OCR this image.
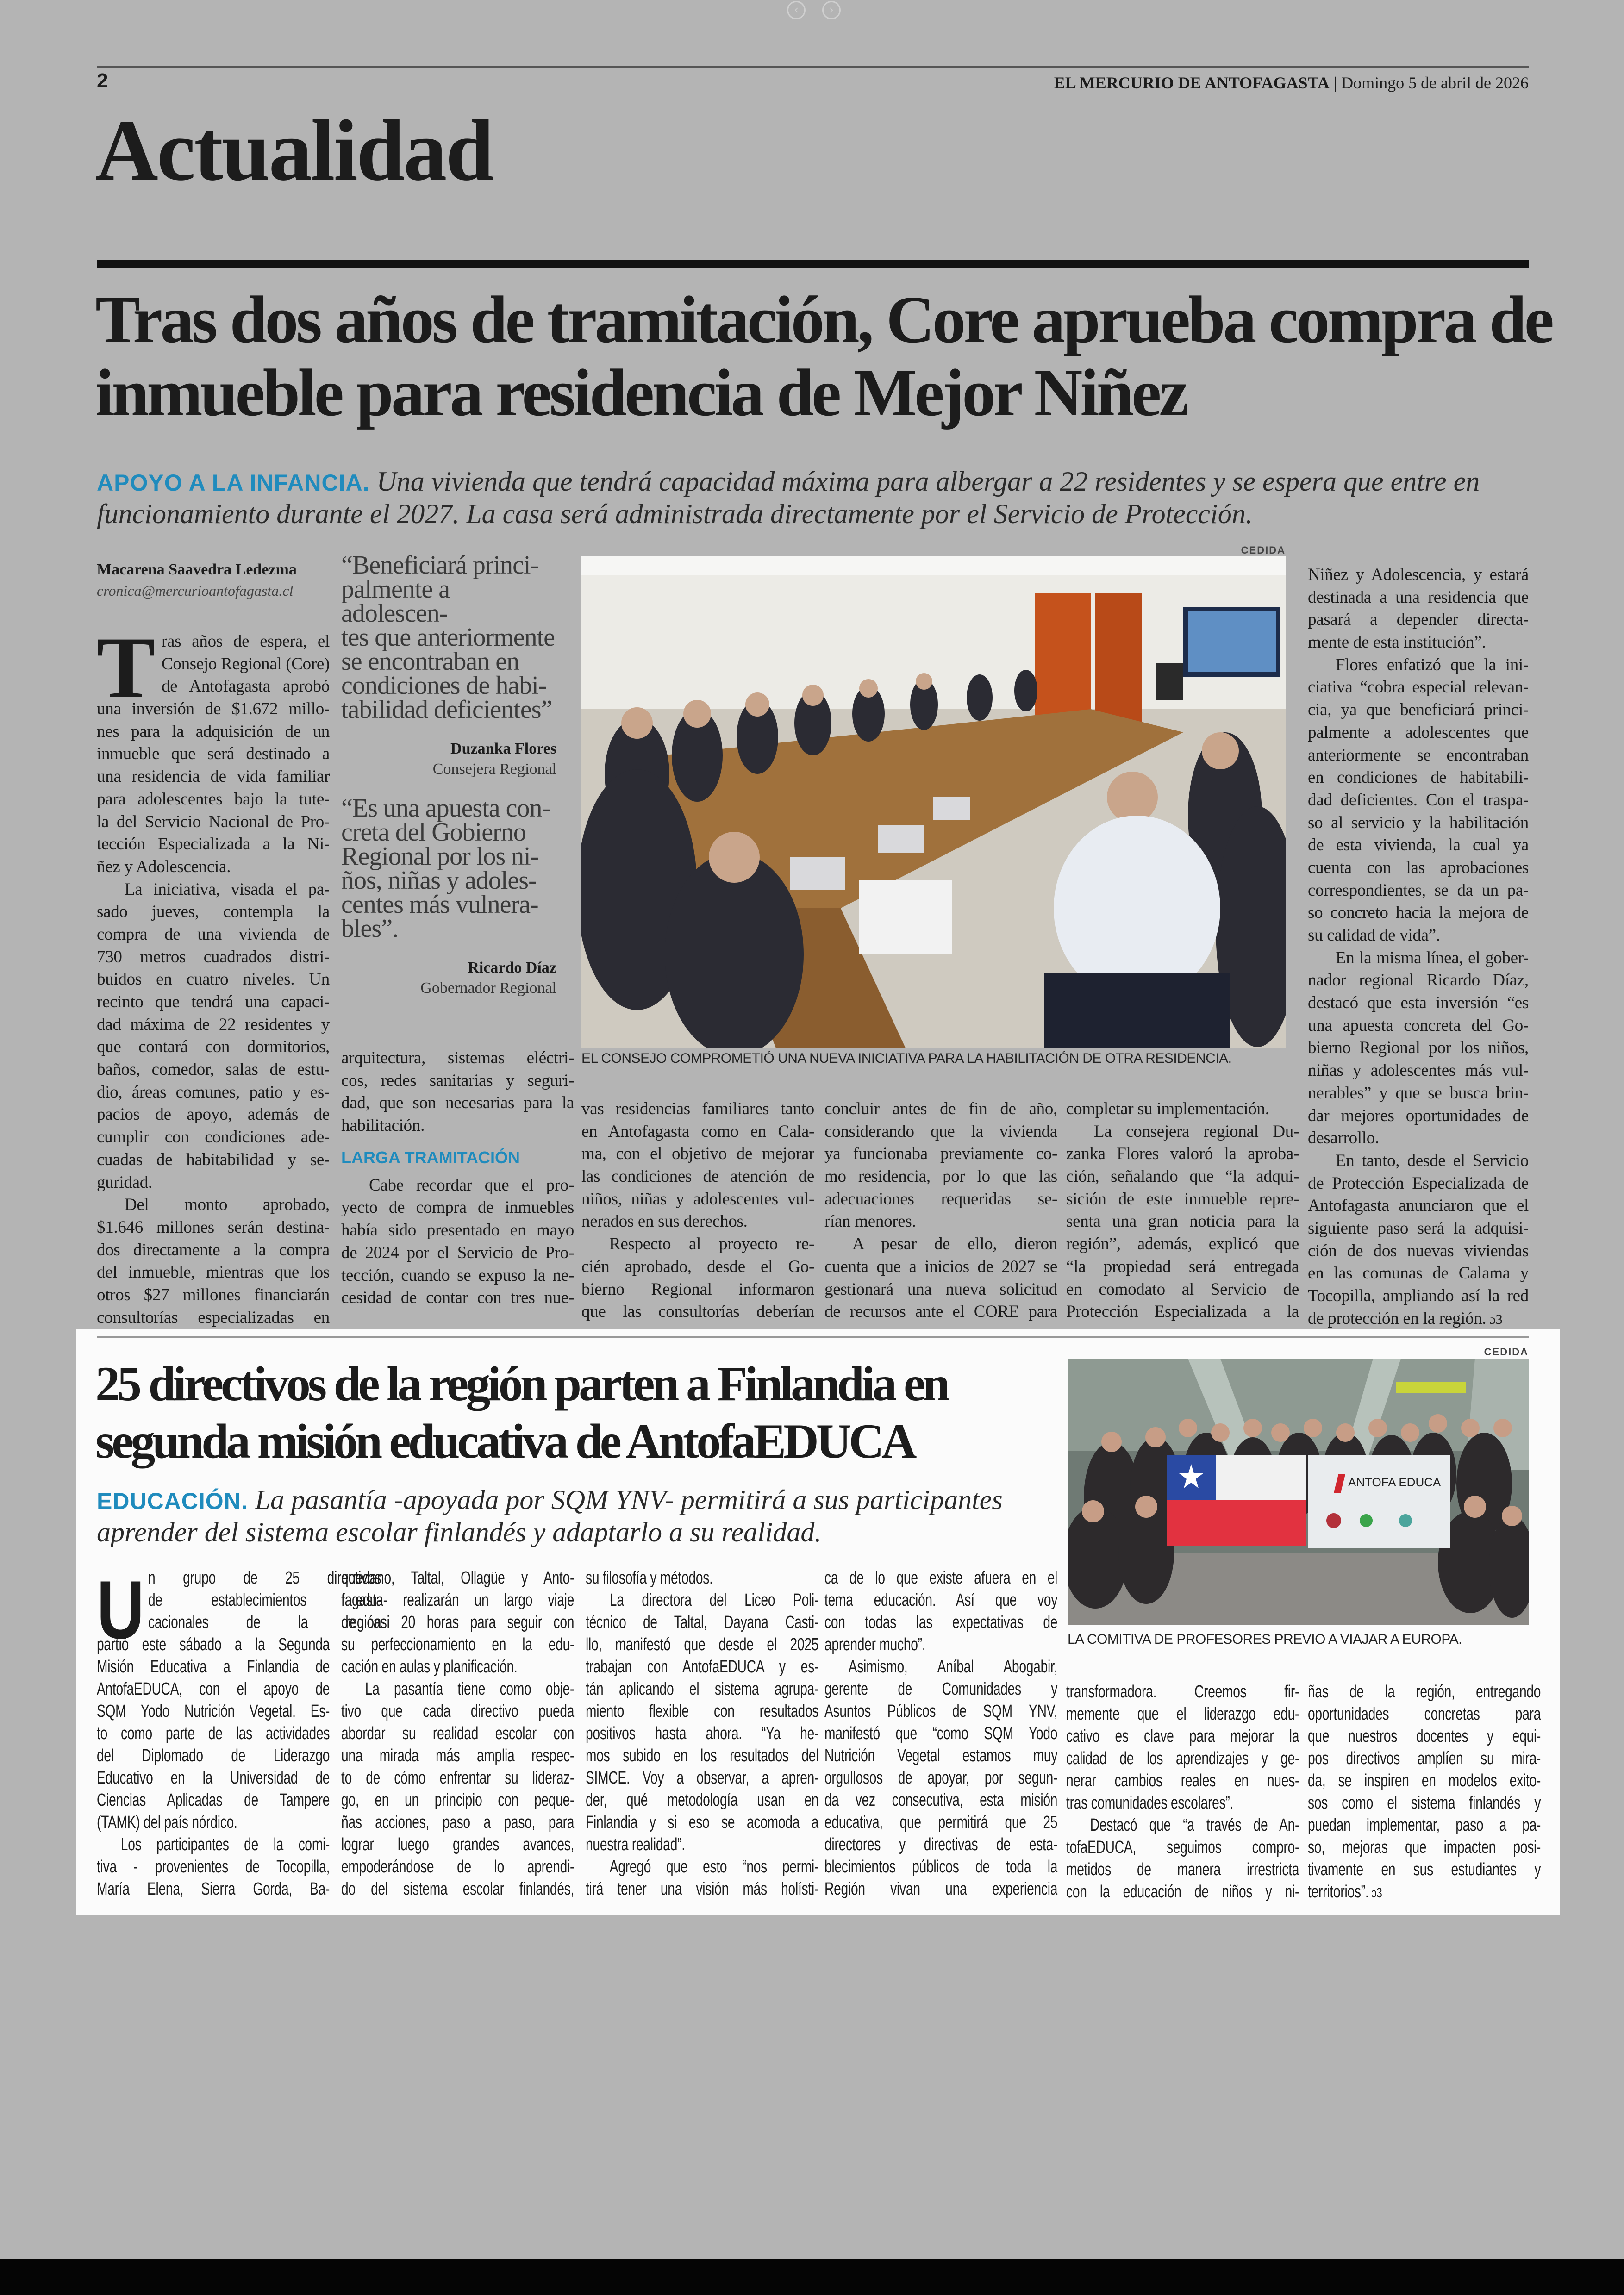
‹	›
2	EL MERCURIO DE ANTOFAGASTA | Domingo 5 de abril de 2026
Actualidad
Tras dos años de tramitación, Core aprueba compra de inmueble para residencia de Mejor Niñez
APOYO A LA INFANCIA. Una vivienda que tendrá capacidad máxima para albergar a 22 residentes y se espera que entre en funcionamiento durante el 2027. La casa será administrada directamente por el Servicio de Protección.
Macarena Saavedra Ledezma
cronica@mercurioantofagasta.cl
“Beneficiará princi-
palmente a adolescen-
tes que anteriormente
se encontraban en
condiciones de habi-
tabilidad deficientes”
Duzanka Flores
Consejera Regional
“Es una apuesta con-
creta del Gobierno
Regional por los ni-
ños, niñas y adoles-
centes más vulnera-
bles”.
Ricardo Díaz
Gobernador Regional
CEDIDA
EL CONSEJO COMPROMETIÓ UNA NUEVA INICIATIVA PARA LA HABILITACIÓN DE OTRA RESIDENCIA.
T ras años de espera, el
Consejo Regional (Core)
de Antofagasta aprobó
una inversión de $1.672 millo-
nes para la adquisición de un
inmueble que será destinado a
una residencia de vida familiar
para adolescentes bajo la tute-
la del Servicio Nacional de Pro-
tección Especializada a la Ni-
ñez y Adolescencia.
La iniciativa, visada el pa-
sado jueves, contempla la
compra de una vivienda de
730 metros cuadrados distri-
buidos en cuatro niveles. Un
recinto que tendrá una capaci-
dad máxima de 22 residentes y
que contará con dormitorios,
baños, comedor, salas de estu-
dio, áreas comunes, patio y es-
pacios de apoyo, además de
cumplir con condiciones ade-
cuadas de habitabilidad y se-
guridad.
Del monto aprobado,
$1.646 millones serán destina-
dos directamente a la compra
del inmueble, mientras que los
otros $27 millones financiarán
consultorías especializadas en
arquitectura, sistemas eléctri-
cos, redes sanitarias y seguri-
dad, que son necesarias para la
habilitación.
LARGA TRAMITACIÓN
Cabe recordar que el pro-
yecto de compra de inmuebles
había sido presentado en mayo
de 2024 por el Servicio de Pro-
tección, cuando se expuso la ne-
cesidad de contar con tres nue-
vas residencias familiares tanto
en Antofagasta como en Cala-
ma, con el objetivo de mejorar
las condiciones de atención de
niños, niñas y adolescentes vul-
nerados en sus derechos.
Respecto al proyecto re-
cién aprobado, desde el Go-
bierno Regional informaron
que las consultorías deberían
concluir antes de fin de año,
considerando que la vivienda
ya funcionaba previamente co-
mo residencia, por lo que las
adecuaciones requeridas se-
rían menores.
A pesar de ello, dieron
cuenta que a inicios de 2027 se
gestionará una nueva solicitud
de recursos ante el CORE para
completar su implementación.
La consejera regional Du-
zanka Flores valoró la aproba-
ción, señalando que “la adqui-
sición de este inmueble repre-
senta una gran noticia para la
región”, además, explicó que
“la propiedad será entregada
en comodato al Servicio de
Protección Especializada a la
Niñez y Adolescencia, y estará
destinada a una residencia que
pasará a depender directa-
mente de esta institución”.
Flores enfatizó que la ini-
ciativa “cobra especial relevan-
cia, ya que beneficiará princi-
palmente a adolescentes que
anteriormente se encontraban
en condiciones de habitabili-
dad deficientes. Con el traspa-
so al servicio y la habilitación
de esta vivienda, la cual ya
cuenta con las aprobaciones
correspondientes, se da un pa-
so concreto hacia la mejora de
su calidad de vida”.
En la misma línea, el gober-
nador regional Ricardo Díaz,
destacó que esta inversión “es
una apuesta concreta del Go-
bierno Regional por los niños,
niñas y adolescentes más vul-
nerables” y que se busca brin-
dar mejores oportunidades de
desarrollo.
En tanto, desde el Servicio
de Protección Especializada de
Antofagasta anunciaron que el
siguiente paso será la adquisi-
ción de dos nuevas viviendas
en las comunas de Calama y
Tocopilla, ampliando así la red
de protección en la región. ɔ3
25 directivos de la región parten a Finlandia en segunda misión educativa de AntofaEDUCA
EDUCACIÓN. La pasantía -apoyada por SQM YNV- permitirá a sus participantes aprender del sistema escolar finlandés y adaptarlo a su realidad.
CEDIDA
ANTOFA EDUCA
LA COMITIVA DE PROFESORES PREVIO A VIAJAR A EUROPA.
U n grupo de 25 directivos
de establecimientos edu-
cacionales de la región
partió este sábado a la Segunda
Misión Educativa a Finlandia de
AntofaEDUCA, con el apoyo de
SQM Yodo Nutrición Vegetal. Es-
to como parte de las actividades
del Diplomado de Liderazgo
Educativo en la Universidad de
Ciencias Aplicadas de Tampere
(TAMK) del país nórdico.
Los participantes de la comi-
tiva - provenientes de Tocopilla,
María Elena, Sierra Gorda, Ba-
quedano, Taltal, Ollagüe y Anto-
fagasta- realizarán un largo viaje
de casi 20 horas para seguir con
su perfeccionamiento en la edu-
cación en aulas y planificación.
La pasantía tiene como obje-
tivo que cada directivo pueda
abordar su realidad escolar con
una mirada más amplia respec-
to de cómo enfrentar su lideraz-
go, en un principio con peque-
ñas acciones, paso a paso, para
lograr luego grandes avances,
empoderándose de lo aprendi-
do del sistema escolar finlandés,
su filosofía y métodos.
La directora del Liceo Poli-
técnico de Taltal, Dayana Casti-
llo, manifestó que desde el 2025
trabajan con AntofaEDUCA y es-
tán aplicando el sistema agrupa-
miento flexible con resultados
positivos hasta ahora. “Ya he-
mos subido en los resultados del
SIMCE. Voy a observar, a apren-
der, qué metodología usan en
Finlandia y si eso se acomoda a
nuestra realidad”.
Agregó que esto “nos permi-
tirá tener una visión más holísti-
ca de lo que existe afuera en el
tema educación. Así que voy
con todas las expectativas de
aprender mucho”.
Asimismo, Aníbal Abogabir,
gerente de Comunidades y
Asuntos Públicos de SQM YNV,
manifestó que “como SQM Yodo
Nutrición Vegetal estamos muy
orgullosos de apoyar, por segun-
da vez consecutiva, esta misión
educativa, que permitirá que 25
directores y directivas de esta-
blecimientos públicos de toda la
Región vivan una experiencia
transformadora. Creemos fir-
memente que el liderazgo edu-
cativo es clave para mejorar la
calidad de los aprendizajes y ge-
nerar cambios reales en nues-
tras comunidades escolares”.
Destacó que “a través de An-
tofaEDUCA, seguimos compro-
metidos de manera irrestricta
con la educación de niños y ni-
ñas de la región, entregando
oportunidades concretas para
que nuestros docentes y equi-
pos directivos amplíen su mira-
da, se inspiren en modelos exito-
sos como el sistema finlandés y
puedan implementar, paso a pa-
so, mejoras que impacten posi-
tivamente en sus estudiantes y
territorios”. ɔ3
